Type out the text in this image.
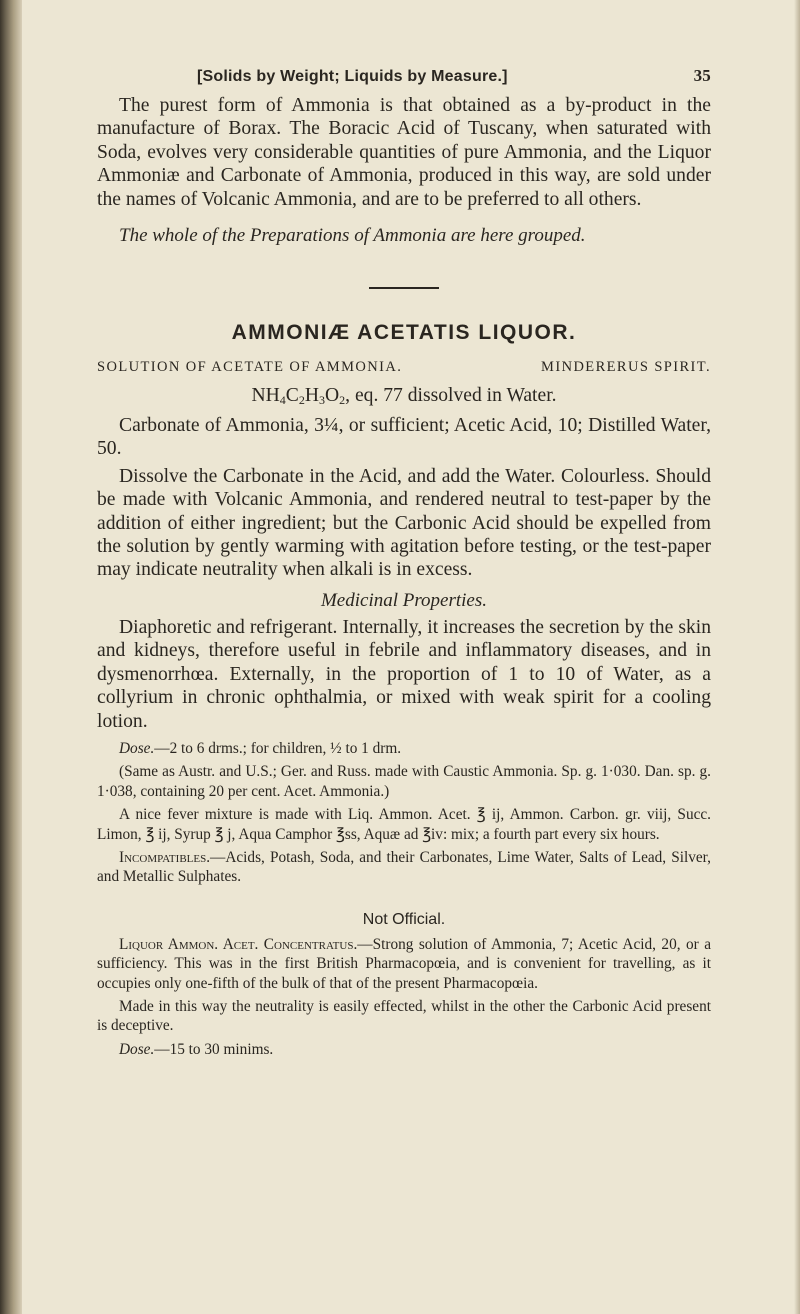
[Solids by Weight; Liquids by Measure.]	35

The purest form of Ammonia is that obtained as a by-product in the manufacture of Borax. The Boracic Acid of Tuscany, when saturated with Soda, evolves very considerable quantities of pure Ammonia, and the Liquor Ammoniæ and Carbonate of Ammonia, produced in this way, are sold under the names of Volcanic Ammonia, and are to be preferred to all others.

The whole of the Preparations of Ammonia are here grouped.

AMMONIÆ ACETATIS LIQUOR.
SOLUTION OF ACETATE OF AMMONIA.	MINDERERUS SPIRIT.

$NH_4C_2H_3O_2$, eq. 77 dissolved in Water.

Carbonate of Ammonia, 3¼, or sufficient; Acetic Acid, 10; Distilled Water, 50.

Dissolve the Carbonate in the Acid, and add the Water. Colourless. Should be made with Volcanic Ammonia, and rendered neutral to test-paper by the addition of either ingredient; but the Carbonic Acid should be expelled from the solution by gently warming with agitation before testing, or the test-paper may indicate neutrality when alkali is in excess.

Medicinal Properties.

Diaphoretic and refrigerant. Internally, it increases the secretion by the skin and kidneys, therefore useful in febrile and inflammatory diseases, and in dysmenorrhœa. Externally, in the proportion of 1 to 10 of Water, as a collyrium in chronic ophthalmia, or mixed with weak spirit for a cooling lotion.

Dose.—2 to 6 drms.; for children, ½ to 1 drm.

(Same as Austr. and U.S.; Ger. and Russ. made with Caustic Ammonia. Sp. g. 1·030. Dan. sp. g. 1·038, containing 20 per cent. Acet. Ammonia.)

A nice fever mixture is made with Liq. Ammon. Acet. ℥ ij, Ammon. Carbon. gr. viij, Succ. Limon, ℥ ij, Syrup ℥ j, Aqua Camphor ℥ss, Aquæ ad ℥iv: mix; a fourth part every six hours.

Incompatibles.—Acids, Potash, Soda, and their Carbonates, Lime Water, Salts of Lead, Silver, and Metallic Sulphates.

Not Official.

Liquor Ammon. Acet. Concentratus.—Strong solution of Ammonia, 7; Acetic Acid, 20, or a sufficiency. This was in the first British Pharmacopœia, and is convenient for travelling, as it occupies only one-fifth of the bulk of that of the present Pharmacopœia.

Made in this way the neutrality is easily effected, whilst in the other the Carbonic Acid present is deceptive.

Dose.—15 to 30 minims.
